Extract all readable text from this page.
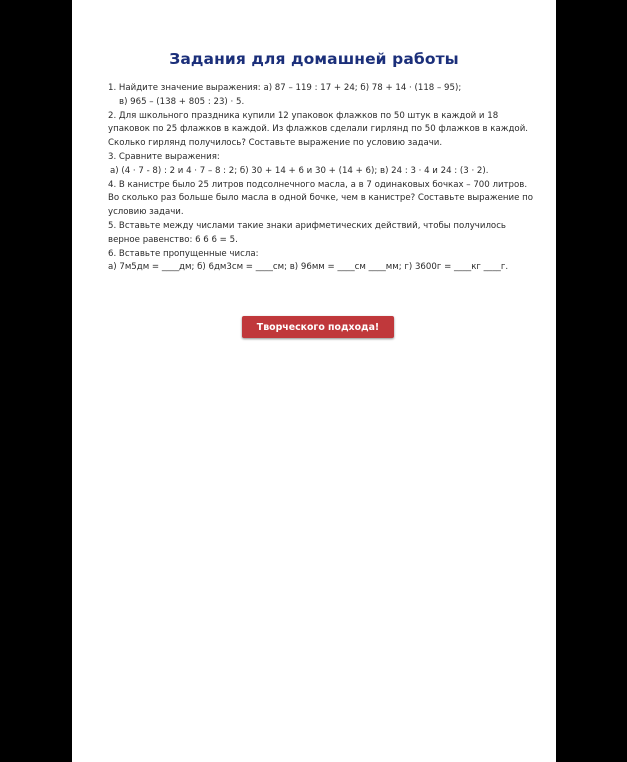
Задания для домашней работы
1. Найдите значение выражения: а) 87 – 119 : 17 + 24; б) 78 + 14 · (118 – 95);
в) 965 – (138 + 805 : 23) · 5.
2. Для школьного праздника купили 12 упаковок флажков по 50 штук в каждой и 18
упаковок по 25 флажков в каждой. Из флажков сделали гирлянд по 50 флажков в каждой.
Сколько гирлянд получилось? Составьте выражение по условию задачи.
3. Сравните выражения:
а) (4 · 7 - 8) : 2 и 4 · 7 – 8 : 2; б) 30 + 14 + 6 и 30 + (14 + 6); в) 24 : 3 · 4 и 24 : (3 · 2).
4. В канистре было 25 литров подсолнечного масла, а в 7 одинаковых бочках – 700 литров.
Во сколько раз больше было масла в одной бочке, чем в канистре? Составьте выражение по
условию задачи.
5. Вставьте между числами такие знаки арифметических действий, чтобы получилось
верное равенство: 6 6 6 = 5.
6. Вставьте пропущенные числа:
а) 7м5дм = ____дм; б) 6дм3см = ____см; в) 96мм = ____см ____мм; г) 3600г = ____кг ____г.
Творческого подхода!
